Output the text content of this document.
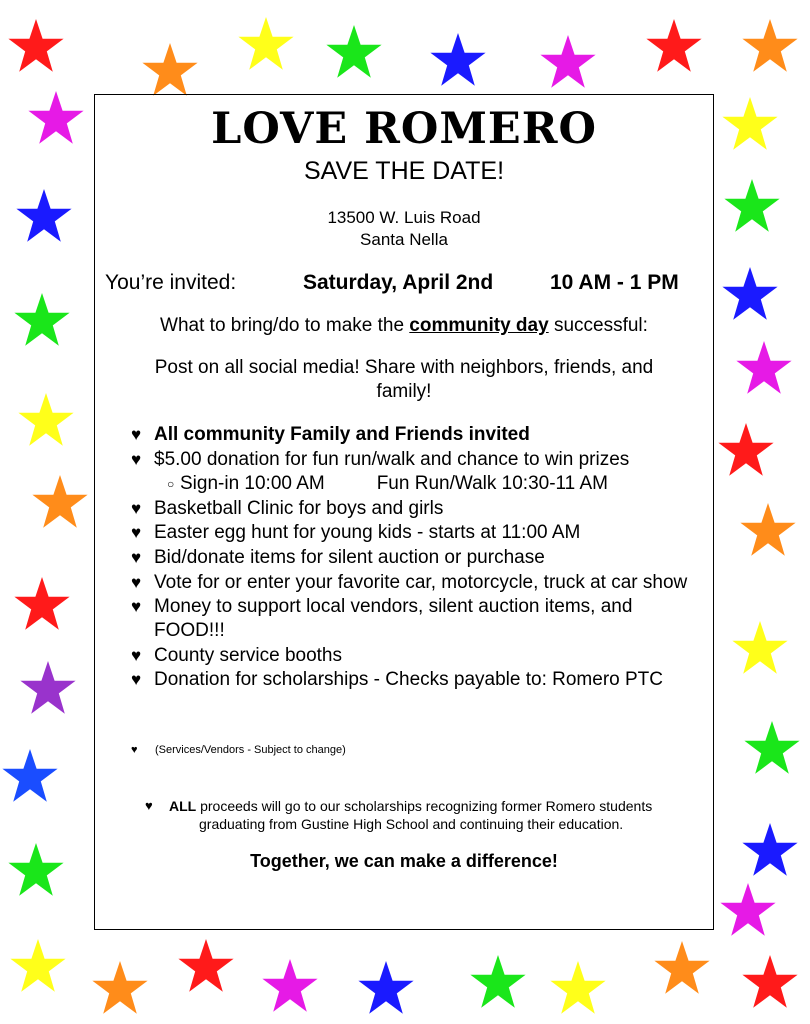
LOVE ROMERO
SAVE THE DATE!
13500 W. Luis Road
Santa Nella
You’re invited:	Saturday, April 2nd	10 AM - 1 PM
What to bring/do to make the community day successful:
Post on all social media! Share with neighbors, friends, and family!
♥ All community Family and Friends invited
♥ $5.00 donation for fun run/walk and chance to win prizes
○ Sign-in 10:00 AM	Fun Run/Walk 10:30-11 AM
♥ Basketball Clinic for boys and girls
♥ Easter egg hunt for young kids - starts at 11:00 AM
♥ Bid/donate items for silent auction or purchase
♥ Vote for or enter your favorite car, motorcycle, truck at car show
♥ Money to support local vendors, silent auction items, and FOOD!!!
♥ County service booths
♥ Donation for scholarships - Checks payable to: Romero PTC
♥ (Services/Vendors - Subject to change)
♥	ALL proceeds will go to our scholarships recognizing former Romero students
graduating from Gustine High School and continuing their education.
Together, we can make a difference!
